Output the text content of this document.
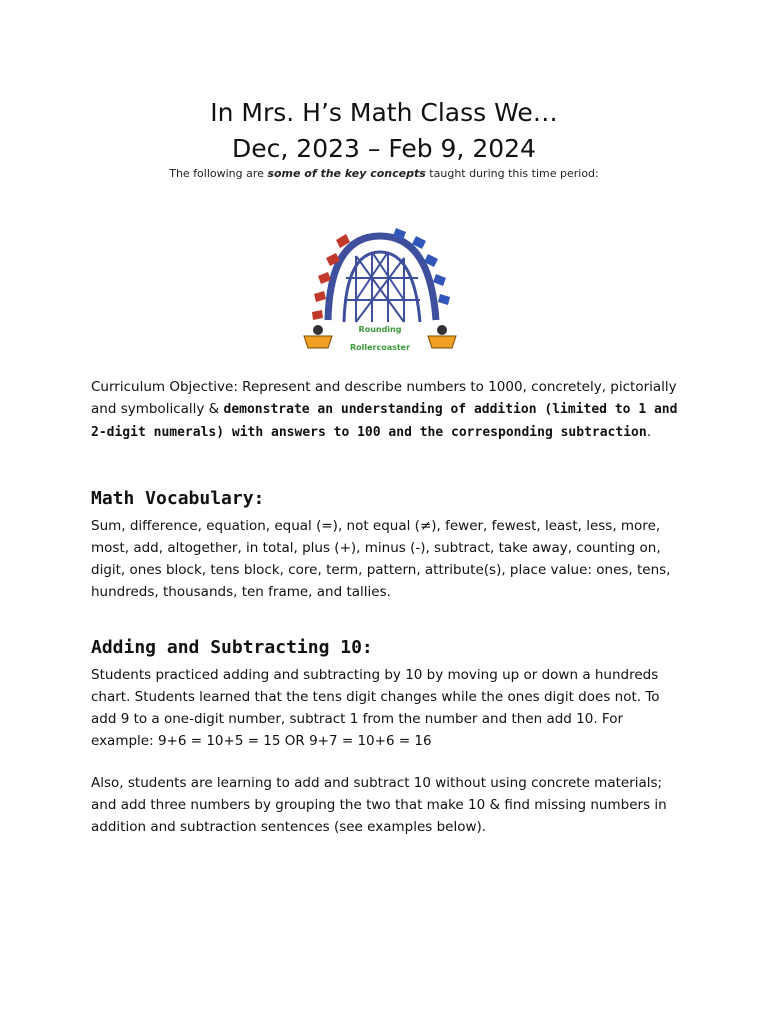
In Mrs. H’s Math Class We…
Dec, 2023 – Feb 9, 2024
The following are some of the key concepts taught during this time period:
Rounding
Rollercoaster
Curriculum Objective: Represent and describe numbers to 1000, concretely, pictorially and symbolically & demonstrate an understanding of addition (limited to 1 and 2-digit numerals) with answers to 100 and the corresponding subtraction.
Math Vocabulary:
Sum, difference, equation, equal (=), not equal (≠), fewer, fewest, least, less, more, most, add, altogether, in total, plus (+), minus (-), subtract, take away, counting on, digit, ones block, tens block, core, term, pattern, attribute(s), place value: ones, tens, hundreds, thousands, ten frame, and tallies.
Adding and Subtracting 10:
Students practiced adding and subtracting by 10 by moving up or down a hundreds chart. Students learned that the tens digit changes while the ones digit does not. To add 9 to a one-digit number, subtract 1 from the number and then add 10. For example: 9+6 = 10+5 = 15 OR 9+7 = 10+6 = 16
Also, students are learning to add and subtract 10 without using concrete materials; and add three numbers by grouping the two that make 10 & find missing numbers in addition and subtraction sentences (see examples below).
